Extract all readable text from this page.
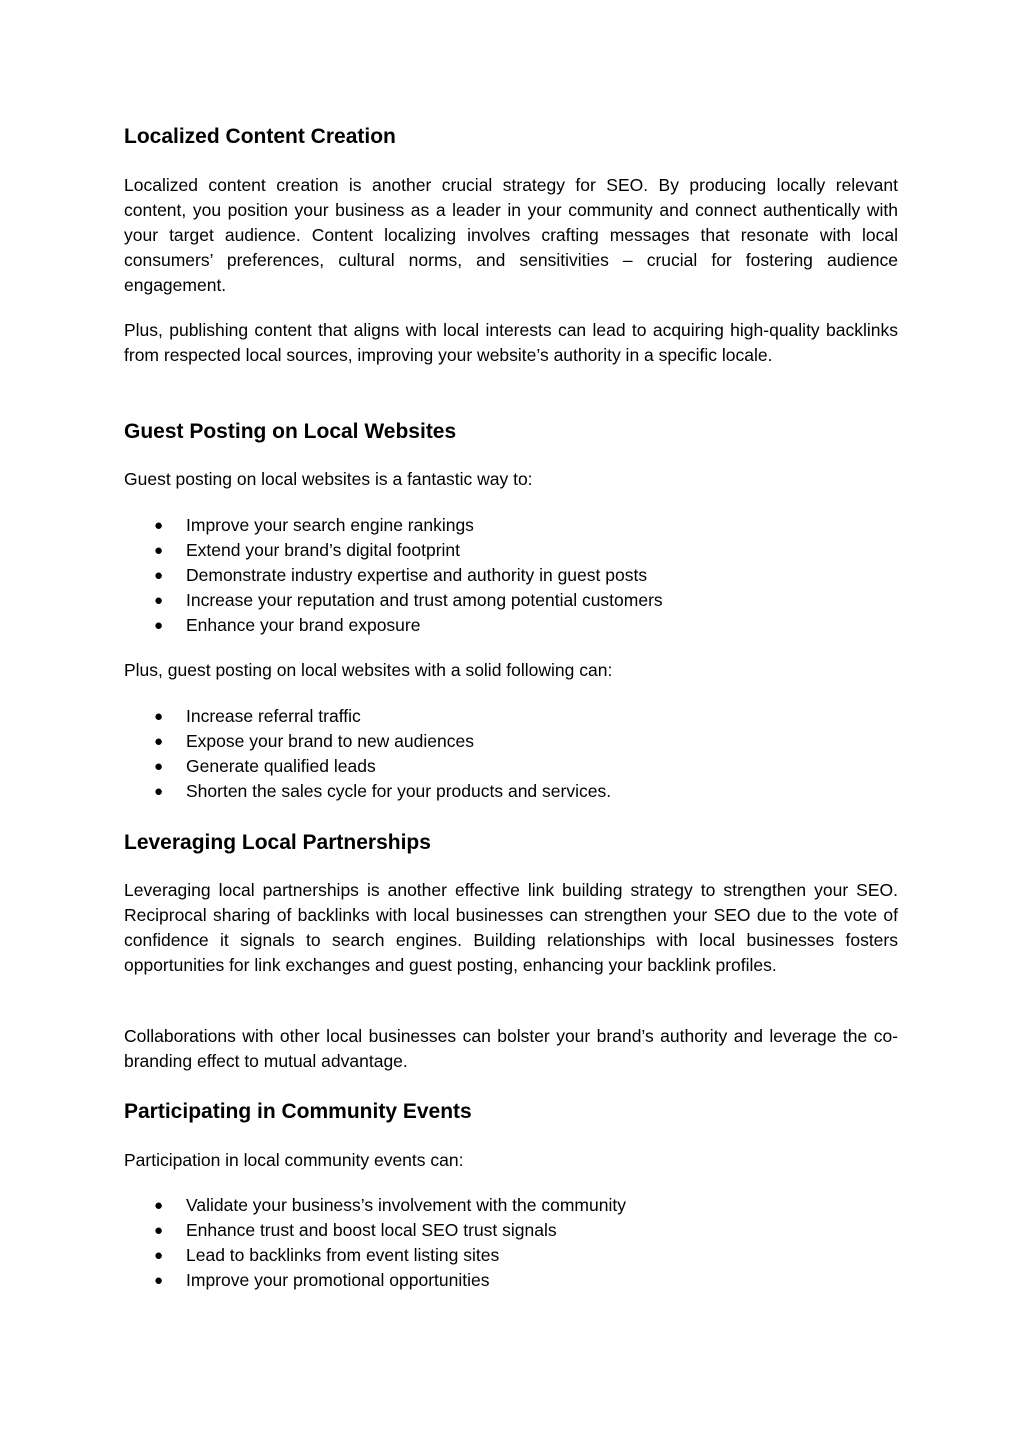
Localized Content Creation

Localized content creation is another crucial strategy for SEO. By producing locally relevant content, you position your business as a leader in your community and connect authentically with your target audience. Content localizing involves crafting messages that resonate with local consumers’ preferences, cultural norms, and sensitivities – crucial for fostering audience engagement.

Plus, publishing content that aligns with local interests can lead to acquiring high-quality backlinks from respected local sources, improving your website’s authority in a specific locale.

Guest Posting on Local Websites

Guest posting on local websites is a fantastic way to:

● Improve your search engine rankings
● Extend your brand’s digital footprint
● Demonstrate industry expertise and authority in guest posts
● Increase your reputation and trust among potential customers
● Enhance your brand exposure

Plus, guest posting on local websites with a solid following can:

● Increase referral traffic
● Expose your brand to new audiences
● Generate qualified leads
● Shorten the sales cycle for your products and services.
Leveraging Local Partnerships

Leveraging local partnerships is another effective link building strategy to strengthen your SEO. Reciprocal sharing of backlinks with local businesses can strengthen your SEO due to the vote of confidence it signals to search engines. Building relationships with local businesses fosters opportunities for link exchanges and guest posting, enhancing your backlink profiles.

Collaborations with other local businesses can bolster your brand’s authority and leverage the co-branding effect to mutual advantage.

Participating in Community Events

Participation in local community events can:

● Validate your business’s involvement with the community
● Enhance trust and boost local SEO trust signals
● Lead to backlinks from event listing sites
● Improve your promotional opportunities
